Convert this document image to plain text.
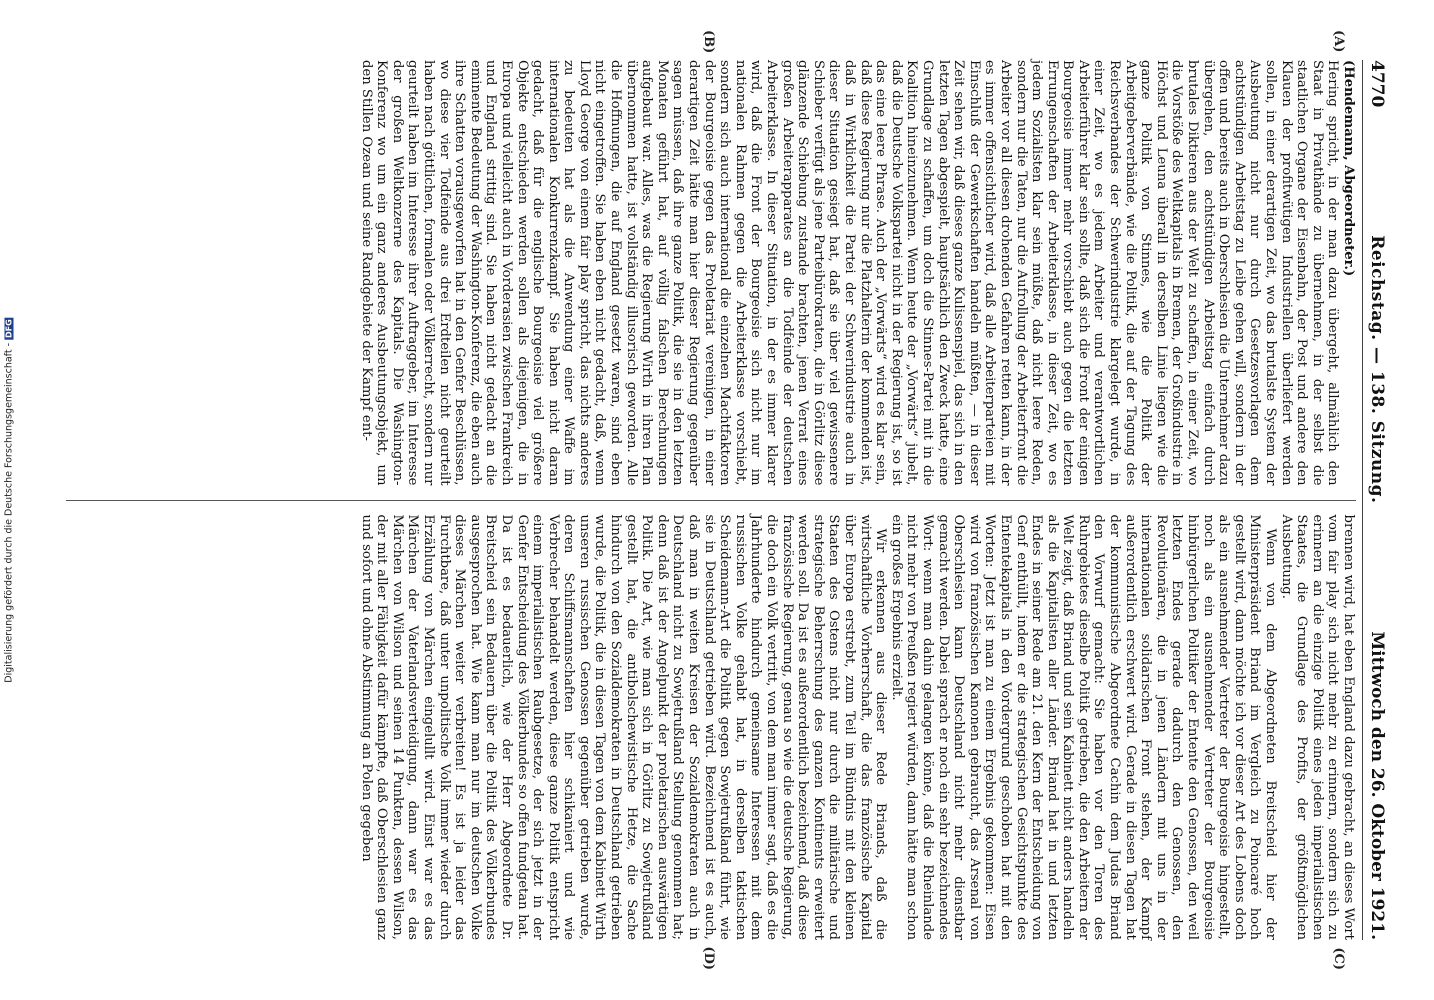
4770
Reichstag. — 138. Sitzung.
Mittwoch den 26. Oktober 1921.
(A)
(B)

(Hendemann, Abgeordneter.)

Hering spricht, in der man dazu übergeht, allmählich den Staat in Privathände zu übernehmen, in der selbst die staatlichen Organe der Eisenbahn, der Post und andere den Klauen der profitwütigen Industriellen überliefert werden sollen, in einer derartigen Zeit, wo das brutalste System der Ausbeutung nicht nur durch Gesetzesvorlagen dem achtstündigen Arbeitstag zu Leibe gehen will, sondern in der offen und bereits auch in Oberschlesien die Unternehmer dazu übergehen, den achtstündigen Arbeitstag einfach durch brutales Diktieren aus der Welt zu schaffen, in einer Zeit, wo die Vorstöße des Weltkapitals in Bremen, der Großindustrie in Höchst und Leuna überall in derselben Linie liegen wie die ganze Politik von Stinnes, wie die Politik der Arbeitgeberverbände, wie die Politik, die auf der Tagung des Reichsverbandes der Schwerindustrie klargelegt wurde, in einer Zeit, wo es jedem Arbeiter und verantwortlichen Arbeiterführer klar sein sollte, daß sich die Front der einigen Bourgeoisie immer mehr vorschiebt auch gegen die letzten Errungenschaften der Arbeiterklasse, in dieser Zeit, wo es jedem Sozialisten klar sein müßte, daß nicht leere Reden, sondern nur die Taten, nur die Aufrollung der Arbeiterfront die Arbeiter vor all diesen drohenden Gefahren retten kann, in der es immer offensichtlicher wird, daß alle Arbeiterparteien mit Einschluß der Gewerkschaften handeln müßten, — in dieser Zeit sehen wir, daß dieses ganze Kulissenspiel, das sich in den letzten Tagen abgespielt, hauptsächlich den Zweck hatte, eine Grundlage zu schaffen, um doch die Stinnes-Partei mit in die Koalition hineinzunehmen. Wenn heute der „Vorwärts“ jubelt, daß die Deutsche Volkspartei nicht in der Regierung ist, so ist das eine leere Phrase. Auch der „Vorwärts“ wird es klar sein, daß diese Regierung nur die Platzhalterin der kommenden ist, daß in Wirklichkeit die Partei der Schwerindustrie auch in dieser Situation gesiegt hat, daß sie über viel gewissenere Schieber verfügt als jene Parteibürokraten, die in Görlitz diese glänzende Schiebung zustande brachten, jenen Verrat eines großen Arbeiterapparates an die Todfeinde der deutschen Arbeiterklasse. In dieser Situation, in der es immer klarer wird, daß die Front der Bourgeoisie sich nicht nur im nationalen Rahmen gegen die Arbeiterklasse vorschiebt, sondern sich auch international die einzelnen Machtfaktoren der Bourgeoisie gegen das Proletariat vereinigen, in einer derartigen Zeit hätte man hier dieser Regierung gegenüber sagen müssen, daß ihre ganze Politik, die sie in den letzten Monaten geführt hat, auf völlig falschen Berechnungen aufgebaut war. Alles, was die Regierung Wirth in ihren Plan übernommen hatte, ist vollständig illusorisch geworden. Alle die Hoffnungen, die auf England gesetzt waren, sind eben nicht eingetroffen. Sie haben eben nicht gedacht, daß, wenn Lloyd George von einem fair play spricht, das nichts anderes zu bedeuten hat als die Anwendung einer Waffe im internationalen Konkurrenzkampf. Sie haben nicht daran gedacht, daß für die englische Bourgeoisie viel größere Objekte entschieden werden sollen als diejenigen, die in Europa und vielleicht auch in Vorderasien zwischen Frankreich und England strittig sind. Sie haben nicht gedacht an die eminente Bedeutung der Washington-Konferenz, die eben auch ihre Schatten vorausgeworfen hat in den Genfer Beschlüssen, wo diese vier Todfeinde aus drei Erdteilen nicht geurteilt haben nach göttlichen, formalen oder Völkerrecht, sondern nur geurteilt haben im Interesse ihrer Auftraggeber, im Interesse der großen Weltkonzerne des Kapitals. Die Washington-Konferenz wo um ein ganz anderes Ausbeutungsobjekt, um den Stillen Ozean und seine Randgebiete der Kampf ent-

(C)
(D)

brennen wird, hat eben England dazu gebracht, an dieses Wort vom fair play sich nicht mehr zu erinnern, sondern sich zu erinnern an die einzige Politik eines jeden imperialistischen Staates, die Grundlage des Profits, der größtmöglichen Ausbeutung.

Wenn von dem Abgeordneten Breitscheid hier der Ministerpräsident Briand im Vergleich zu Poincaré hoch gestellt wird, dann möchte ich vor dieser Art des Lobens doch als ein ausnehmender Vertreter der Bourgeoisie hingestellt, noch als ein ausnehmender Vertreter der Bourgeoisie hinbürgerlichen Politiker der Entente den Genossen, den weil letzten Endes gerade dadurch den Genossen, den Revolutionären, die in jenen Ländern mit uns in der internationalen solidarischen Front stehen, der Kampf außerordentlich erschwert wird. Gerade in diesen Tagen hat der kommunistische Abgeordnete Cachin dem Judas Briand den Vorwurf gemacht: Sie haben vor den Toren des Ruhrgebietes dieselbe Politik getrieben, die den Arbeitern der Welt zeigt, daß Briand und sein Kabinett nicht anders handeln als die Kapitalisten aller Länder. Briand hat in und letzten Endes in seiner Rede am 21. den Kern der Entscheidung von Genf enthüllt, indem er die strategischen Gesichtspunkte des Ententekapitals in den Vordergrund geschoben hat mit den Worten: Jetzt ist man zu einem Ergebnis gekommen: Eisen wird von französischen Kanonen gebraucht, das Arsenal von Oberschlesien kann Deutschland nicht mehr dienstbar gemacht werden. Dabei sprach er noch ein sehr bezeichnendes Wort: wenn man dahin gelangen könne, daß die Rheinlande nicht mehr von Preußen regiert würden, dann hätte man schon ein großes Ergebnis erzielt.

Wir erkennen aus dieser Rede Briands, daß die wirtschaftliche Vorherrschaft, die das französische Kapital über Europa erstrebt, zum Teil im Bündnis mit den kleinen Staaten des Ostens nicht nur durch die militärische und strategische Beherrschung des ganzen Kontinents erweitert werden soll. Da ist es außerordentlich bezeichnend, daß diese französische Regierung, genau so wie die deutsche Regierung, die doch ein Volk vertritt, von dem man immer sagt, daß es die Jahrhunderte hindurch gemeinsame Interessen mit dem russischen Volke gehabt hat, in derselben taktischen Scheidemann-Art die Politik gegen Sowjetrußland führt, wie sie in Deutschland getrieben wird. Bezeichnend ist es auch, daß man in weiten Kreisen der Sozialdemokraten auch in Deutschland nicht zu Sowjetrußland Stellung genommen hat; denn daß ist der Angelpunkt der proletarischen auswärtigen Politik. Die Art, wie man sich in Görlitz zu Sowjetrußland gestellt hat, die antibolschewistische Hetze, die Sache hindurch von den Sozialdemokraten in Deutschland getrieben wurde, die Politik, die in diesen Tagen von dem Kabinett Wirth unseren russischen Genossen gegenüber getrieben wurde, deren Schiffsmannschaften hier schikaniert und wie Verbrecher behandelt werden, diese ganze Politik entspricht einem imperialistischen Raubgesetze, der sich jetzt in der Genfer Entscheidung des Völkerbundes so offen fundgetan hat. Da ist es bedauerlich, wie der Herr Abgeordnete Dr. Breitscheid sein Bedauern über die Politik des Völkerbundes ausgesprochen hat. Wie kann man nur im deutschen Volke dieses Märchen weiter verbreiten! Es ist ja leider das Furchtbare, daß unter unpolitische Volk immer wieder durch Erzählung von Märchen eingelullt wird. Einst war es das Märchen der Vaterlandsverteidigung, dann war es das Märchen von Wilson und seinen 14 Punkten, dessen Wilson, der mit aller Fähigkeit dafür kämpfte, daß Oberschlesien ganz und sofort und ohne Abstimmung an Polen gegeben

Digitalisierung gefördert durch die Deutsche Forschungsgemeinschaft -DFG
